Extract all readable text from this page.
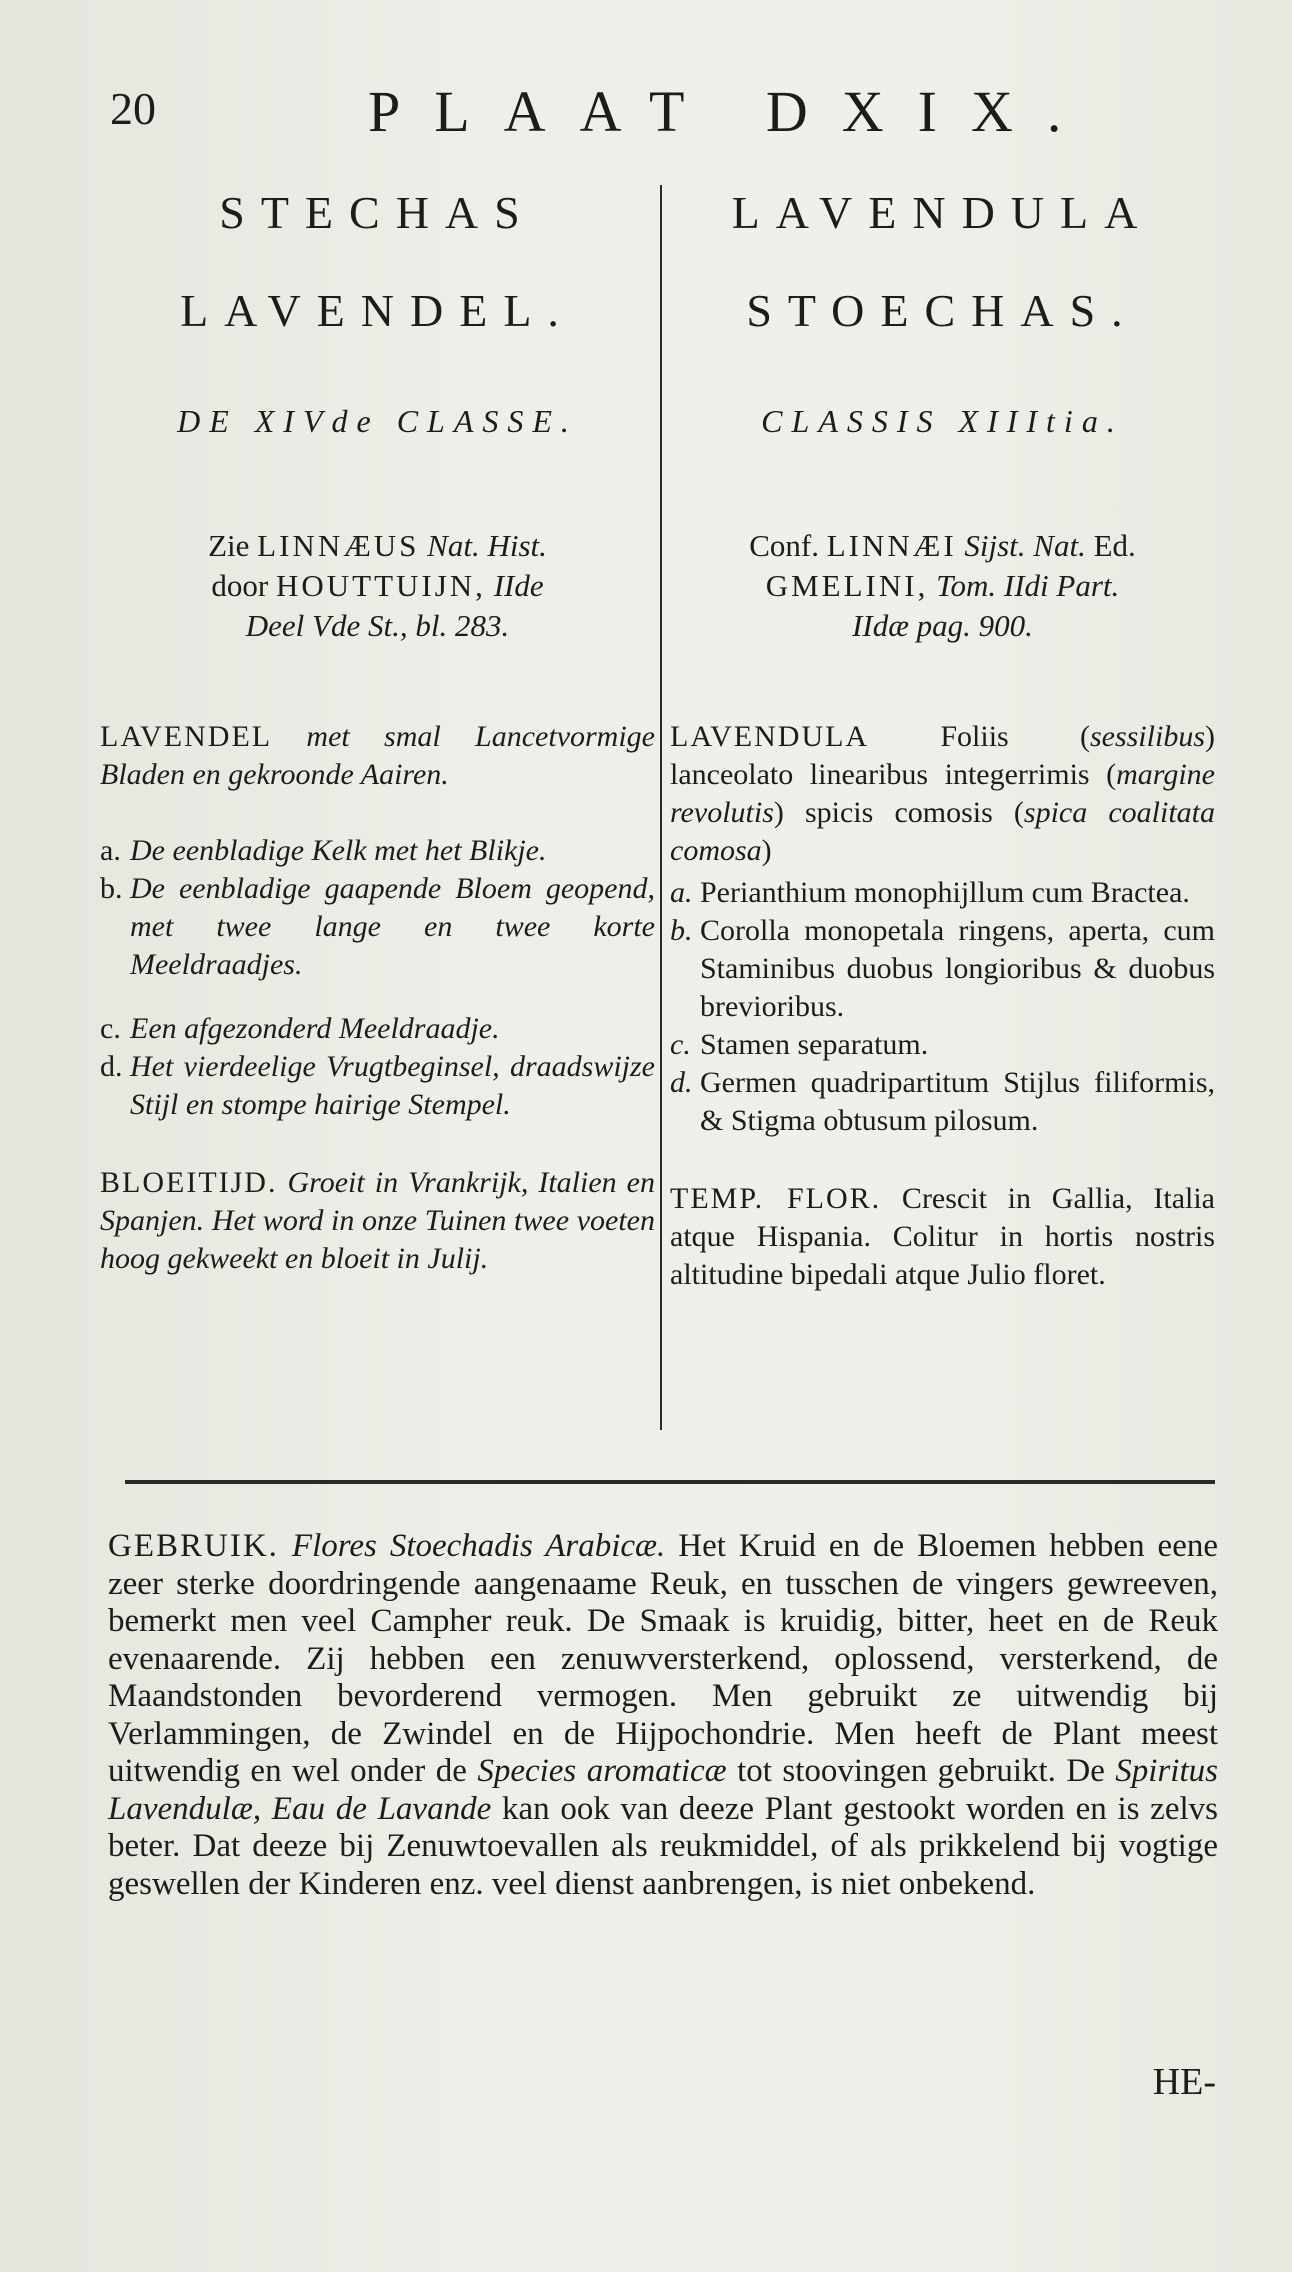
20	PLAAT DXIX.
STECHAS
LAVENDEL.
DE XIVde CLASSE.
Zie LINNÆUS Nat. Hist.
door HOUTTUIJN, IIde
Deel Vde St., bl. 283.
LAVENDEL met smal Lancetvormige Bladen en gekroonde Aairen.
a. De eenbladige Kelk met het Blikje.
b. De eenbladige gaapende Bloem geopend, met twee lange en twee korte Meeldraadjes.
c. Een afgezonderd Meeldraadje.
d. Het vierdeelige Vrugtbeginsel, draadswijze Stijl en stompe hairige Stempel.
BLOEITIJD. Groeit in Vrankrijk, Italien en Spanjen. Het word in onze Tuinen twee voeten hoog gekweekt en bloeit in Julij.
LAVENDULA
STOECHAS.
CLASSIS XIIItia.
Conf. LINNÆI Sijst. Nat. Ed.
GMELINI, Tom. IIdi Part.
IIdæ pag. 900.
LAVENDULA Foliis (sessilibus) lanceolato linearibus integerrimis (margine revolutis) spicis comosis (spica coalitata comosa)
a. Perianthium monophijllum cum Bractea.
b. Corolla monopetala ringens, aperta, cum Staminibus duobus longioribus & duobus brevioribus.
c. Stamen separatum.
d. Germen quadripartitum Stijlus filiformis, & Stigma obtusum pilosum.
TEMP. FLOR. Crescit in Gallia, Italia atque Hispania. Colitur in hortis nostris altitudine bipedali atque Julio floret.
GEBRUIK. Flores Stoechadis Arabicæ. Het Kruid en de Bloemen hebben eene zeer sterke doordringende aangenaame Reuk, en tusschen de vingers gewreeven, bemerkt men veel Campher reuk. De Smaak is kruidig, bitter, heet en de Reuk evenaarende. Zij hebben een zenuwversterkend, oplossend, versterkend, de Maandstonden bevorderend vermogen. Men gebruikt ze uitwendig bij Verlammingen, de Zwindel en de Hijpochondrie. Men heeft de Plant meest uitwendig en wel onder de Species aromaticæ tot stoovingen gebruikt. De Spiritus Lavendulæ, Eau de Lavande kan ook van deeze Plant gestookt worden en is zelvs beter. Dat deeze bij Zenuwtoevallen als reukmiddel, of als prikkelend bij vogtige geswellen der Kinderen enz. veel dienst aanbrengen, is niet onbekend.
HE-
